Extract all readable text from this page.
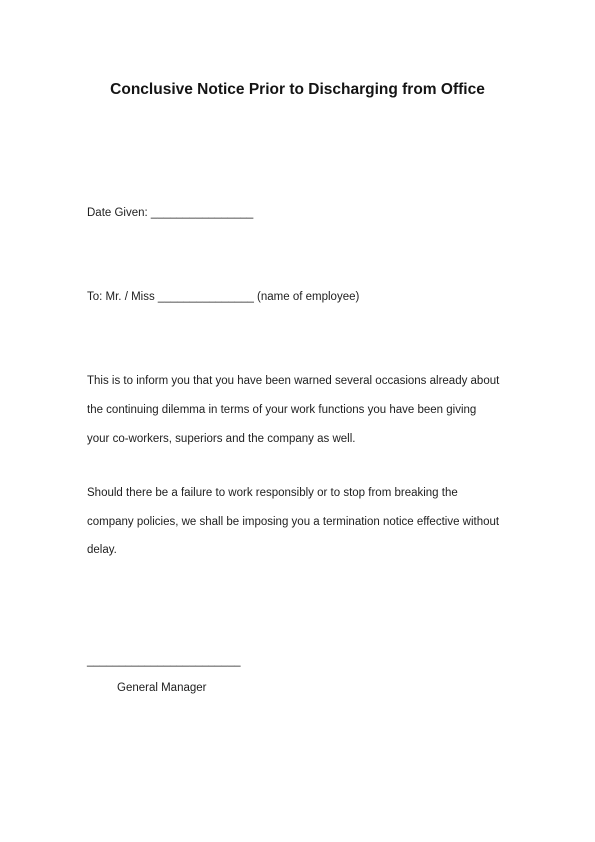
Conclusive Notice Prior to Discharging from Office
Date Given: ________________
To: Mr. / Miss _______________ (name of employee)
This is to inform you that you have been warned several occasions already about
the continuing dilemma in terms of your work functions you have been giving
your co-workers, superiors and the company as well.
Should there be a failure to work responsibly or to stop from breaking the
company policies, we shall be imposing you a termination notice effective without
delay.
________________________
General Manager
